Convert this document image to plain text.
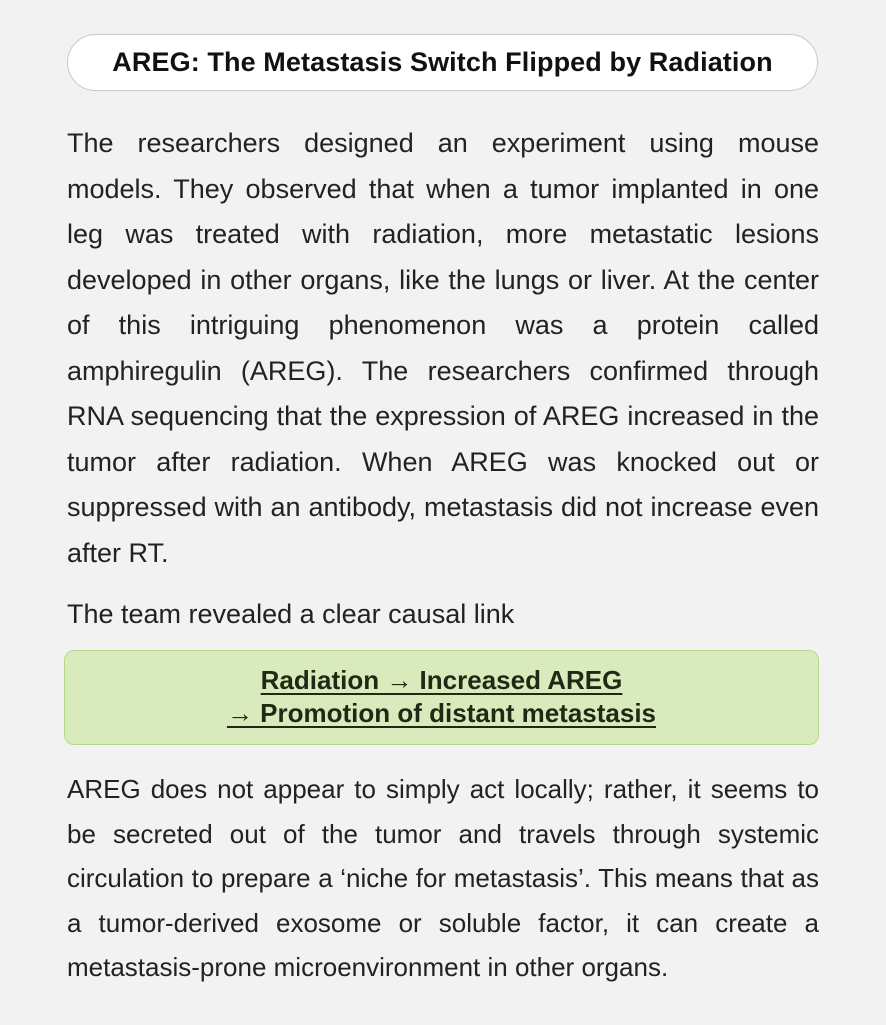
AREG: The Metastasis Switch Flipped by Radiation

The researchers designed an experiment using mouse models. They observed that when a tumor implanted in one leg was treated with radiation, more metastatic lesions developed in other organs, like the lungs or liver. At the center of this intriguing phenomenon was a protein called amphiregulin (AREG). The researchers confirmed through RNA sequencing that the expression of AREG increased in the tumor after radiation. When AREG was knocked out or suppressed with an antibody, metastasis did not increase even after RT.

The team revealed a clear causal link

Radiation → Increased AREG
→ Promotion of distant metastasis

AREG does not appear to simply act locally; rather, it seems to be secreted out of the tumor and travels through systemic circulation to prepare a ‘niche for metastasis’. This means that as a tumor-derived exosome or soluble factor, it can create a metastasis-prone microenvironment in other organs.
